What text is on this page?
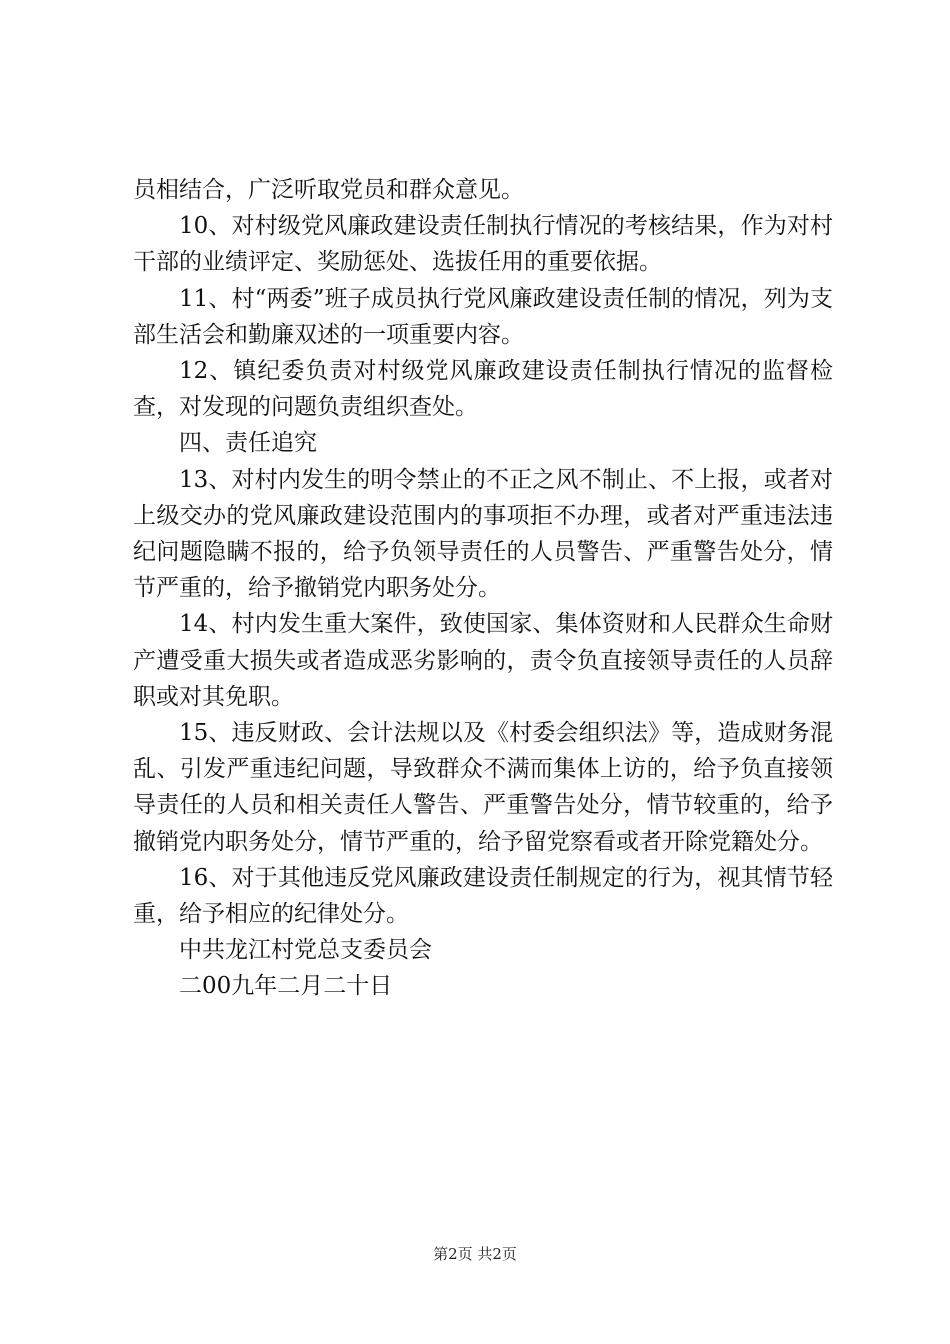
员相结合，广泛听取党员和群众意见。

10、对村级党风廉政建设责任制执行情况的考核结果，作为对村干部的业绩评定、奖励惩处、选拔任用的重要依据。

11、村“两委”班子成员执行党风廉政建设责任制的情况，列为支部生活会和勤廉双述的一项重要内容。

12、镇纪委负责对村级党风廉政建设责任制执行情况的监督检查，对发现的问题负责组织查处。

四、责任追究

13、对村内发生的明令禁止的不正之风不制止、不上报，或者对上级交办的党风廉政建设范围内的事项拒不办理，或者对严重违法违纪问题隐瞒不报的，给予负领导责任的人员警告、严重警告处分，情节严重的，给予撤销党内职务处分。

14、村内发生重大案件，致使国家、集体资财和人民群众生命财产遭受重大损失或者造成恶劣影响的，责令负直接领导责任的人员辞职或对其免职。

15、违反财政、会计法规以及《村委会组织法》等，造成财务混乱、引发严重违纪问题，导致群众不满而集体上访的，给予负直接领导责任的人员和相关责任人警告、严重警告处分，情节较重的，给予撤销党内职务处分，情节严重的，给予留党察看或者开除党籍处分。

16、对于其他违反党风廉政建设责任制规定的行为，视其情节轻重，给予相应的纪律处分。

中共龙江村党总支委员会

二00九年二月二十日

第2页 共2页
